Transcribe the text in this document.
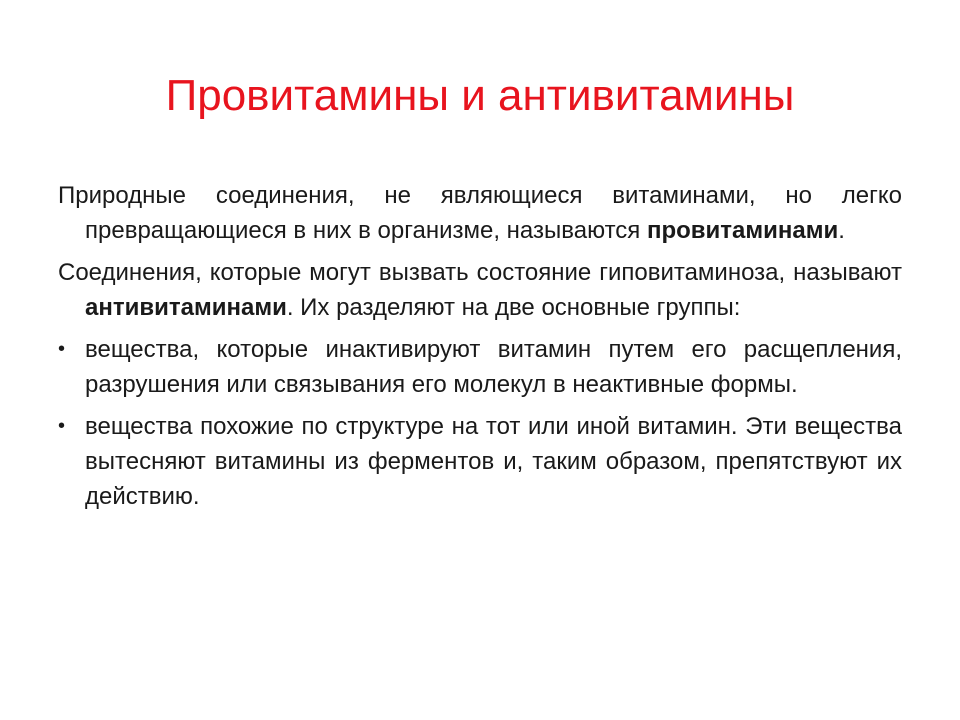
Провитамины и антивитамины

Природные соединения, не являющиеся витаминами, но легко превращающиеся в них в организме, называются провитаминами.

Соединения, которые могут вызвать состояние гиповитаминоза, называют антивитаминами. Их разделяют на две основные группы:

• вещества, которые инактивируют витамин путем его расщепления, разрушения или связывания его молекул в неактивные формы.
• вещества похожие по структуре на тот или иной витамин. Эти вещества вытесняют витамины из ферментов и, таким образом, препятствуют их действию.
